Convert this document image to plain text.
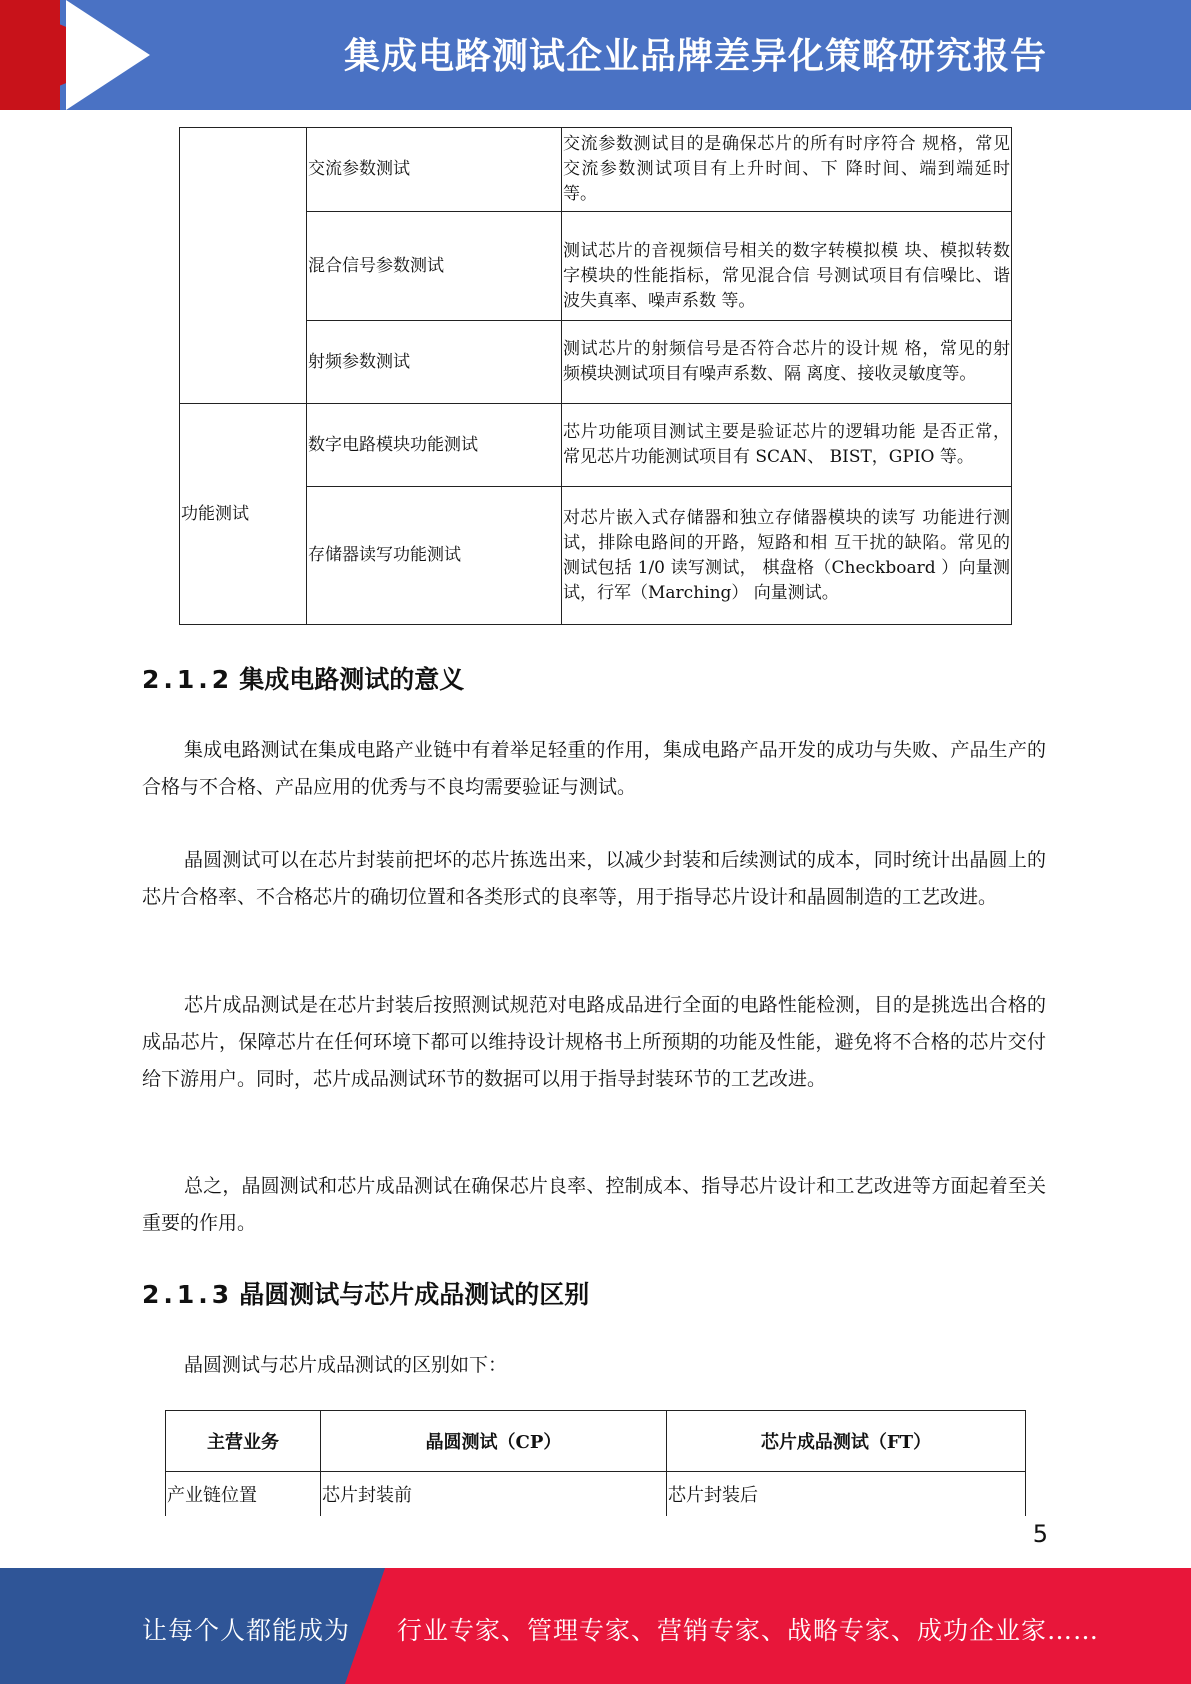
集成电路测试企业品牌差异化策略研究报告
	交流参数测试	交流参数测试目的是确保芯片的所有时序符合 规格，常见交流参数测试项目有上升时间、下 降时间、端到端延时等。
	混合信号参数测试	测试芯片的音视频信号相关的数字转模拟模 块、模拟转数字模块的性能指标，常见混合信 号测试项目有信噪比、谐波失真率、噪声系数 等。
	射频参数测试	测试芯片的射频信号是否符合芯片的设计规 格，常见的射频模块测试项目有噪声系数、隔 离度、接收灵敏度等。
功能测试	数字电路模块功能测试	芯片功能项目测试主要是验证芯片的逻辑功能 是否正常，常见芯片功能测试项目有 SCAN、 BIST，GPIO 等。
	存储器读写功能测试	对芯片嵌入式存储器和独立存储器模块的读写 功能进行测试，排除电路间的开路，短路和相 互干扰的缺陷。常见的测试包括 1/0 读写测试， 棋盘格（Checkboard ）向量测试，行军（Marching） 向量测试。
2.1.2 集成电路测试的意义

集成电路测试在集成电路产业链中有着举足轻重的作用，集成电路产品开发的成功与失败、产品生产的合格与不合格、产品应用的优秀与不良均需要验证与测试。

晶圆测试可以在芯片封装前把坏的芯片拣选出来，以减少封装和后续测试的成本，同时统计出晶圆上的芯片合格率、不合格芯片的确切位置和各类形式的良率等，用于指导芯片设计和晶圆制造的工艺改进。

芯片成品测试是在芯片封装后按照测试规范对电路成品进行全面的电路性能检测，目的是挑选出合格的成品芯片，保障芯片在任何环境下都可以维持设计规格书上所预期的功能及性能，避免将不合格的芯片交付给下游用户。同时，芯片成品测试环节的数据可以用于指导封装环节的工艺改进。

总之，晶圆测试和芯片成品测试在确保芯片良率、控制成本、指导芯片设计和工艺改进等方面起着至关重要的作用。

2.1.3 晶圆测试与芯片成品测试的区别

晶圆测试与芯片成品测试的区别如下：

主营业务	晶圆测试（CP）	芯片成品测试（FT）
产业链位置	芯片封装前	芯片封装后
5
让每个人都能成为 行业专家、管理专家、营销专家、战略专家、成功企业家……
